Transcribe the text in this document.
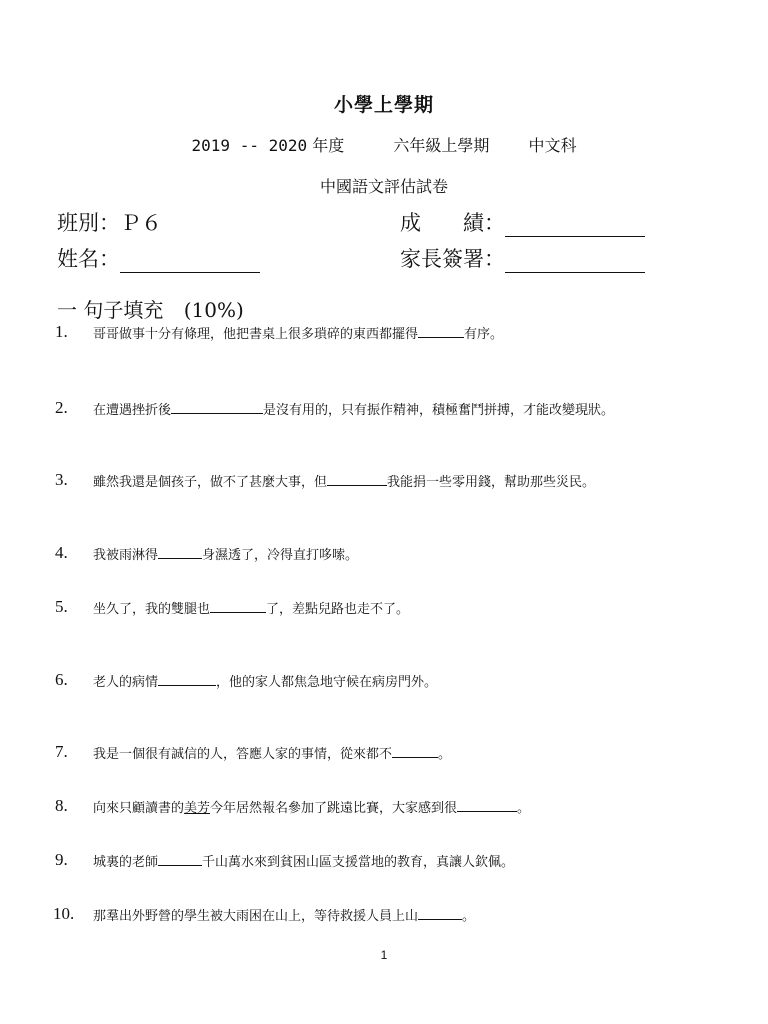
小學上學期
2019 -- 2020 年度	六年級上學期 中文科
中國語文評估試卷
班別：Ｐ６	成　　績：
姓名：	家長簽署：
一 句子填充 (10%)
1. 哥哥做事十分有條理，他把書桌上很多瑣碎的東西都擺得	有序。
2. 在遭遇挫折後	是沒有用的，只有振作精神，積極奮鬥拼搏，才能改變現狀。
3. 雖然我還是個孩子，做不了甚麼大事，但	我能捐一些零用錢，幫助那些災民。
4. 我被雨淋得	身濕透了，冷得直打哆嗦。
5. 坐久了，我的雙腿也	了，差點兒路也走不了。
6. 老人的病情	，他的家人都焦急地守候在病房門外。
7. 我是一個很有誠信的人，答應人家的事情，從來都不	。
8. 向來只顧讀書的美芳今年居然報名參加了跳遠比賽，大家感到很	。
9. 城裏的老師	千山萬水來到貧困山區支援當地的教育，真讓人欽佩。
10. 那羣出外野營的學生被大雨困在山上，等待救援人員上山	。
1
